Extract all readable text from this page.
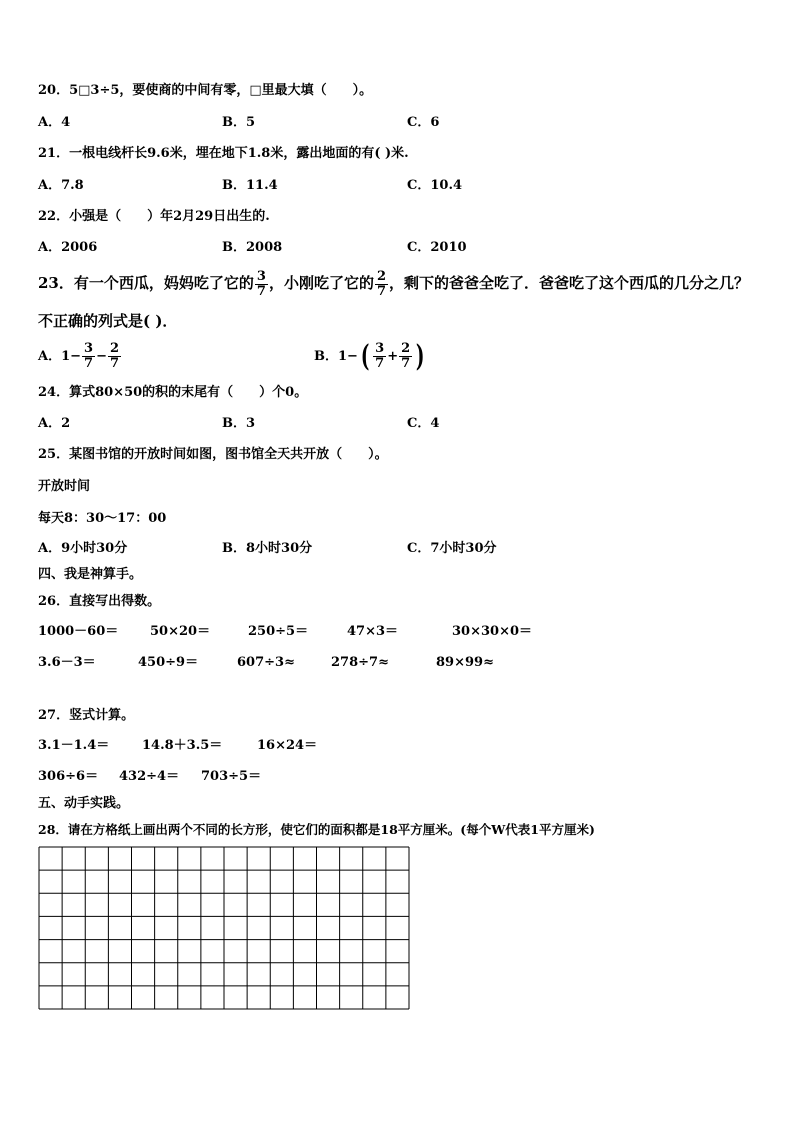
20．5□3÷5，要使商的中间有零，□里最大填（　　）。
A．4	B．5	C．6
21．一根电线杆长9.6米，埋在地下1.8米，露出地面的有( )米.
A．7.8	B．11.4	C．10.4
22．小强是（　　）年2月29日出生的.
A．2006	B．2008	C．2010
23．有一个西瓜，妈妈吃了它的 $\frac{3}{7}$ ，小刚吃了它的 $\frac{2}{7}$ ，剩下的爸爸全吃了．爸爸吃了这个西瓜的几分之几？
不正确的列式是( )．
A．$1- \frac{3}{7} - \frac{2}{7}$	B．$1-( \frac{3}{7} + \frac{2}{7}$ )
24．算式80×50的积的末尾有（　　）个0。
A．2	B．3	C．4
25．某图书馆的开放时间如图，图书馆全天共开放（　　）。
开放时间
每天8：30～17：00
A．9小时30分	B．8小时30分	C．7小时30分
四、我是神算手。
26．直接写出得数。
1000－60＝ 50×20＝	250÷5＝	47×3＝	30×30×0＝
3.6－3＝	450÷9＝	607÷3≈	278÷7≈	89×99≈
27．竖式计算。
3.1－1.4＝	14.8＋3.5＝	16×24＝
306÷6＝ 432÷4＝ 703÷5＝
五、动手实践。
28．请在方格纸上画出两个不同的长方形，使它们的面积都是18平方厘米。(每个W代表1平方厘米)
